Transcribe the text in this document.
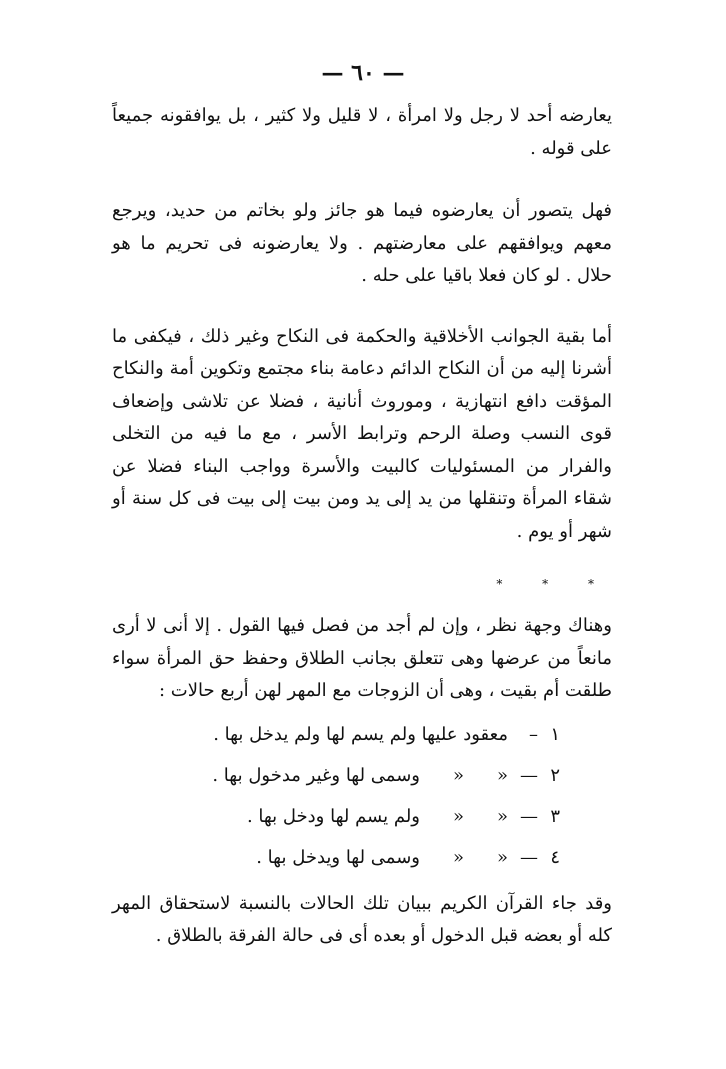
— ٦٠ —

يعارضه أحد لا رجل ولا امرأة ، لا قليل ولا كثير ، بل يوافقونه جميعاً على قوله .

فهل يتصور أن يعارضوه فيما هو جائز ولو بخاتم من حديد، ويرجع معهم ويوافقهم على معارضتهم . ولا يعارضونه فى تحريم ما هو حلال . لو كان فعلا باقيا على حله .

أما بقية الجوانب الأخلاقية والحكمة فى النكاح وغير ذلك ، فيكفى ما أشرنا إليه من أن النكاح الدائم دعامة بناء مجتمع وتكوين أمة والنكاح المؤقت دافع انتهازية ، وموروث أنانية ، فضلا عن تلاشى وإضعاف قوى النسب وصلة الرحم وترابط الأسر ، مع ما فيه من التخلى والفرار من المسئوليات كالبيت والأسرة وواجب البناء فضلا عن شقاء المرأة وتنقلها من يد إلى يد ومن بيت إلى بيت فى كل سنة أو شهر أو يوم .

* * *

وهناك وجهة نظر ، وإن لم أجد من فصل فيها القول . إلا أنى لا أرى مانعاً من عرضها وهى تتعلق بجانب الطلاق وحفظ حق المرأة سواء طلقت أم بقيت ، وهى أن الزوجات مع المهر لهن أربع حالات :

١
–
معقود عليها ولم يسم لها ولم يدخل بها .
٢
—
«
«
وسمى لها وغير مدخول بها .
٣
—
«
«
ولم يسم لها ودخل بها .
٤
—
«
«
وسمى لها ويدخل بها .

وقد جاء القرآن الكريم ببيان تلك الحالات بالنسبة لاستحقاق المهر كله أو بعضه قبل الدخول أو بعده أى فى حالة الفرقة بالطلاق .
